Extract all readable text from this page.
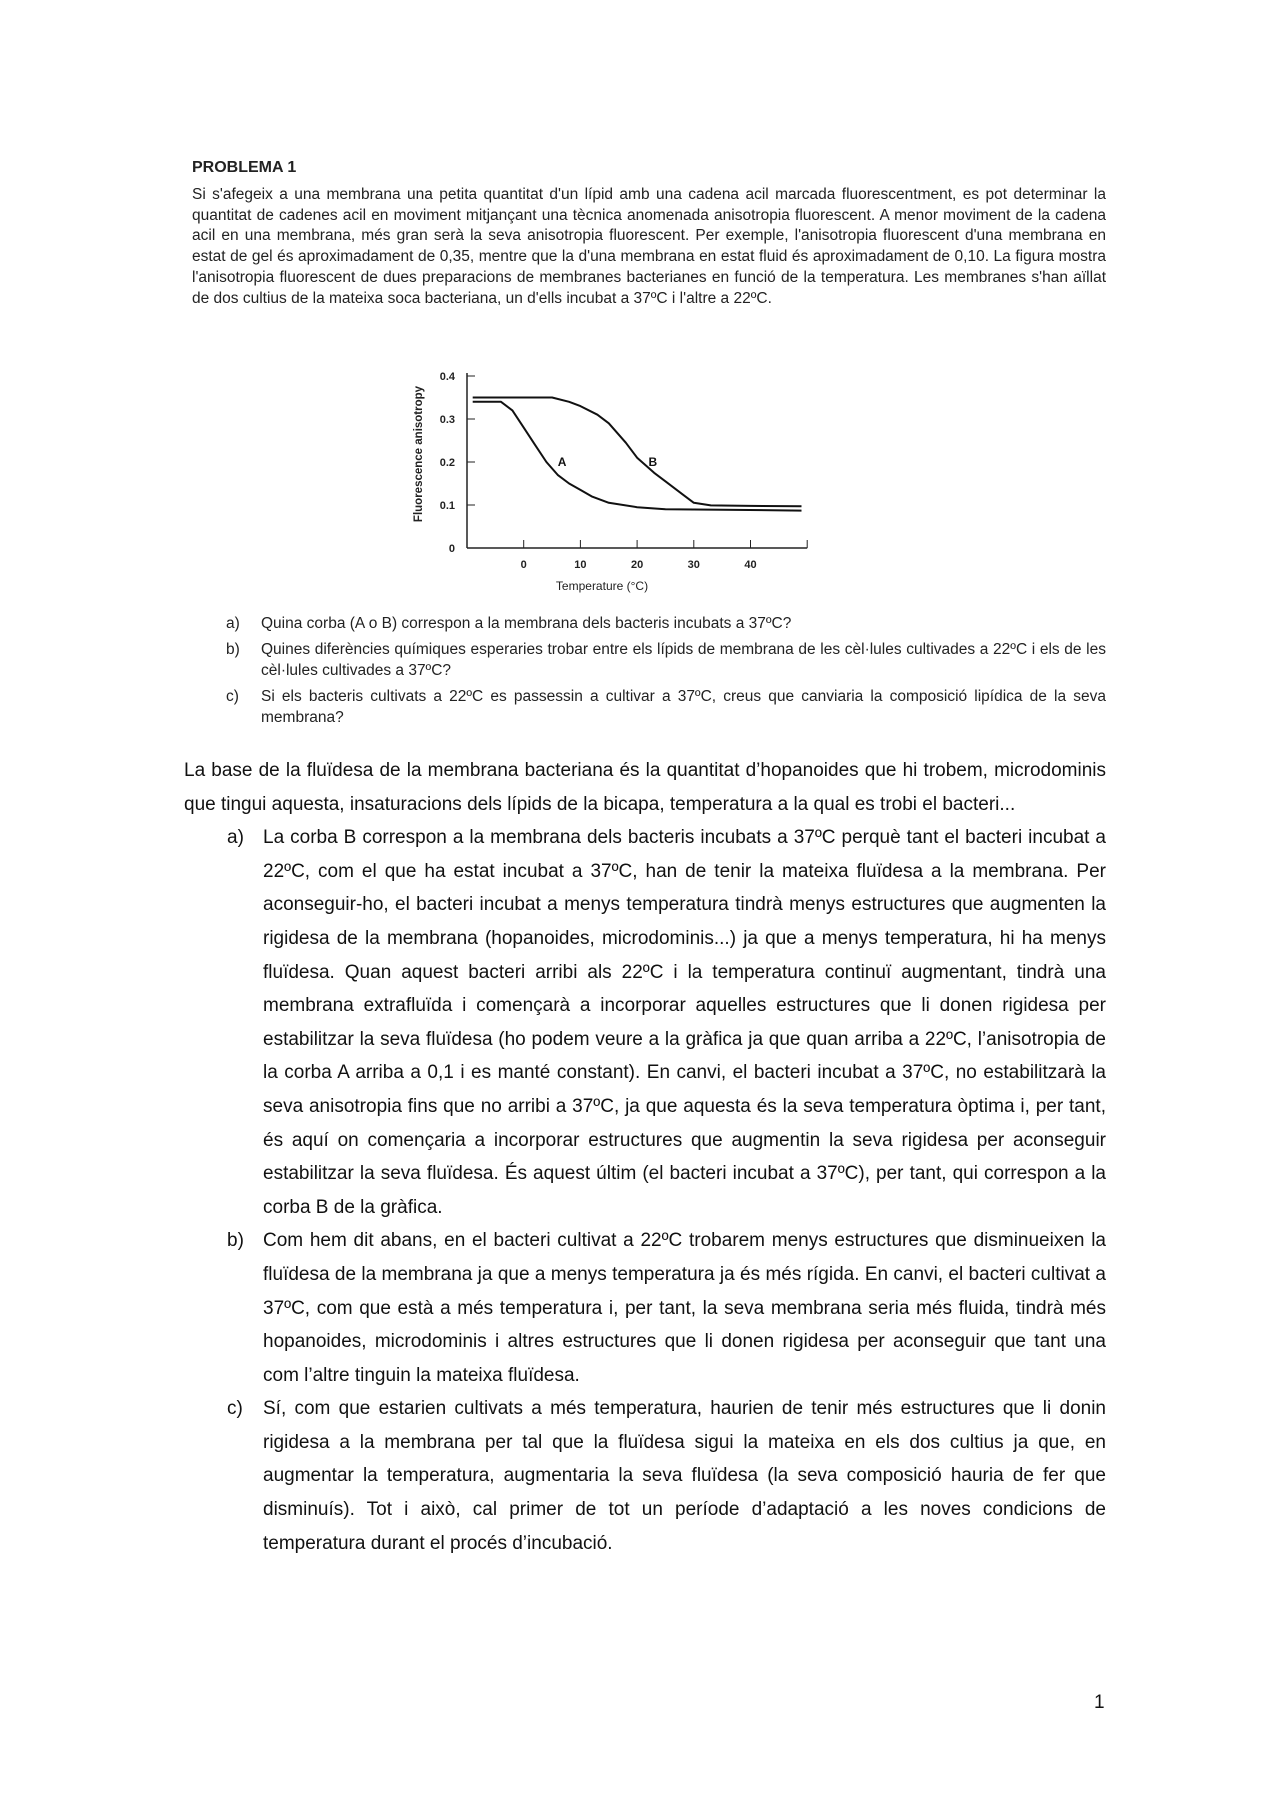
PROBLEMA 1

Si s'afegeix a una membrana una petita quantitat d'un lípid amb una cadena acil marcada fluorescentment, es pot determinar la quantitat de cadenes acil en moviment mitjançant una tècnica anomenada anisotropia fluorescent. A menor moviment de la cadena acil en una membrana, més gran serà la seva anisotropia fluorescent. Per exemple, l'anisotropia fluorescent d'una membrana en estat de gel és aproximadament de 0,35, mentre que la d'una membrana en estat fluid és aproximadament de 0,10. La figura mostra l'anisotropia fluorescent de dues preparacions de membranes bacterianes en funció de la temperatura. Les membranes s'han aïllat de dos cultius de la mateixa soca bacteriana, un d'ells incubat a 37ºC i l'altre a 22ºC.

Fluorescence anisotropy
Temperature (°C)
0	10	20	30	40
0
0.1
0.2
0.3
0.4
A	B
a)	Quina corba (A o B) correspon a la membrana dels bacteris incubats a 37ºC?
b)	Quines diferències químiques esperaries trobar entre els lípids de membrana de les cèl·lules cultivades a 22ºC i els de les cèl·lules cultivades a 37ºC?
c)	Si els bacteris cultivats a 22ºC es passessin a cultivar a 37ºC, creus que canviaria la composició lipídica de la seva membrana?

La base de la fluïdesa de la membrana bacteriana és la quantitat d’hopanoides que hi trobem, microdominis que tingui aquesta, insaturacions dels lípids de la bicapa, temperatura a la qual es trobi el bacteri...

a)	La corba B correspon a la membrana dels bacteris incubats a 37ºC perquè tant el bacteri incubat a 22ºC, com el que ha estat incubat a 37ºC, han de tenir la mateixa fluïdesa a la membrana. Per aconseguir-ho, el bacteri incubat a menys temperatura tindrà menys estructures que augmenten la rigidesa de la membrana (hopanoides, microdominis...) ja que a menys temperatura, hi ha menys fluïdesa. Quan aquest bacteri arribi als 22ºC i la temperatura continuï augmentant, tindrà una membrana extrafluïda i començarà a incorporar aquelles estructures que li donen rigidesa per estabilitzar la seva fluïdesa (ho podem veure a la gràfica ja que quan arriba a 22ºC, l’anisotropia de la corba A arriba a 0,1 i es manté constant). En canvi, el bacteri incubat a 37ºC, no estabilitzarà la seva anisotropia fins que no arribi a 37ºC, ja que aquesta és la seva temperatura òptima i, per tant, és aquí on començaria a incorporar estructures que augmentin la seva rigidesa per aconseguir estabilitzar la seva fluïdesa. És aquest últim (el bacteri incubat a 37ºC), per tant, qui correspon a la corba B de la gràfica.
b)	Com hem dit abans, en el bacteri cultivat a 22ºC trobarem menys estructures que disminueixen la fluïdesa de la membrana ja que a menys temperatura ja és més rígida. En canvi, el bacteri cultivat a 37ºC, com que està a més temperatura i, per tant, la seva membrana seria més fluida, tindrà més hopanoides, microdominis i altres estructures que li donen rigidesa per aconseguir que tant una com l’altre tinguin la mateixa fluïdesa.
c)	Sí, com que estarien cultivats a més temperatura, haurien de tenir més estructures que li donin rigidesa a la membrana per tal que la fluïdesa sigui la mateixa en els dos cultius ja que, en augmentar la temperatura, augmentaria la seva fluïdesa (la seva composició hauria de fer que disminuís). Tot i això, cal primer de tot un període d’adaptació a les noves condicions de temperatura durant el procés d’incubació.
1
